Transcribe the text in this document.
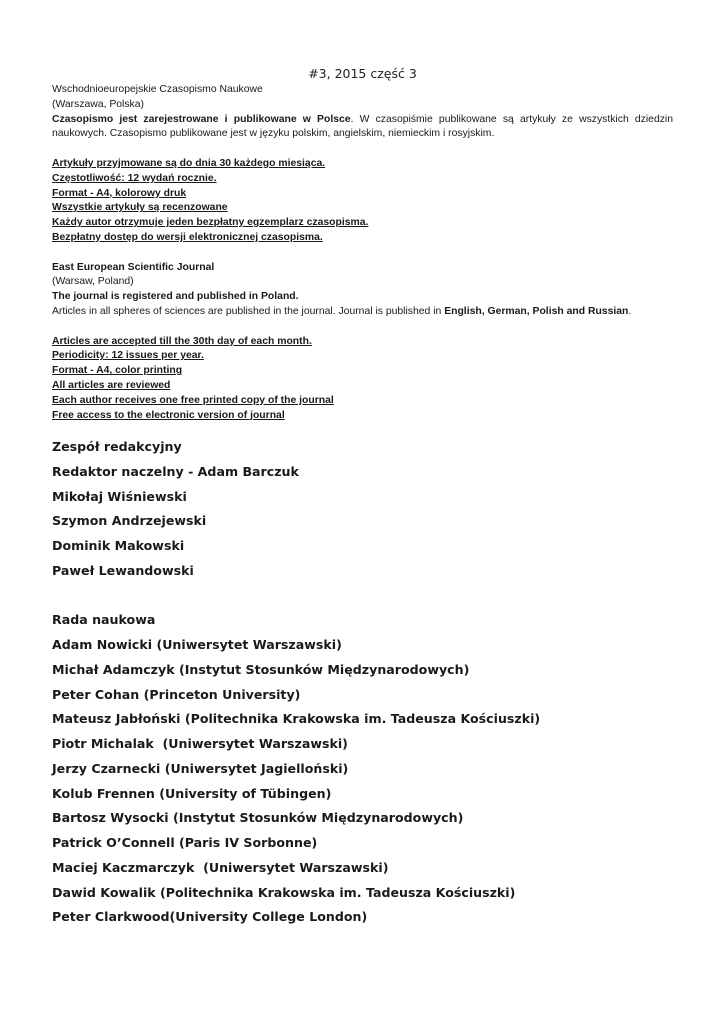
#3, 2015 część 3

Wschodnioeuropejskie Czasopismo Naukowe

(Warszawa, Polska)

Czasopismo jest zarejestrowane i publikowane w Polsce. W czasopiśmie publikowane są artykuły ze wszystkich dziedzin naukowych. Czasopismo publikowane jest w języku polskim, angielskim, niemieckim i rosyjskim.

Artykuły przyjmowane są do dnia 30 każdego miesiąca.

Częstotliwość: 12 wydań rocznie.

Format - A4, kolorowy druk

Wszystkie artykuły są recenzowane

Każdy autor otrzymuje jeden bezpłatny egzemplarz czasopisma.

Bezpłatny dostęp do wersji elektronicznej czasopisma.

East European Scientific Journal

(Warsaw, Poland)

The journal is registered and published in Poland.

Articles in all spheres of sciences are published in the journal. Journal is published in English, German, Polish and Russian.

Articles are accepted till the 30th day of each month.

Periodicity: 12 issues per year.

Format - A4, color printing

All articles are reviewed

Each author receives one free printed copy of the journal

Free access to the electronic version of journal

Zespół redakcyjny
Redaktor naczelny - Adam Barczuk
Mikołaj Wiśniewski
Szymon Andrzejewski
Dominik Makowski
Paweł Lewandowski
Rada naukowa
Adam Nowicki (Uniwersytet Warszawski)
Michał Adamczyk (Instytut Stosunków Międzynarodowych)
Peter Cohan (Princeton University)
Mateusz Jabłoński (Politechnika Krakowska im. Tadeusza Kościuszki)
Piotr Michalak  (Uniwersytet Warszawski)
Jerzy Czarnecki (Uniwersytet Jagielloński)
Kolub Frennen (University of Tübingen)
Bartosz Wysocki (Instytut Stosunków Międzynarodowych)
Patrick O’Connell (Paris IV Sorbonne)
Maciej Kaczmarczyk  (Uniwersytet Warszawski)
Dawid Kowalik (Politechnika Krakowska im. Tadeusza Kościuszki)
Peter Clarkwood(University College London)
